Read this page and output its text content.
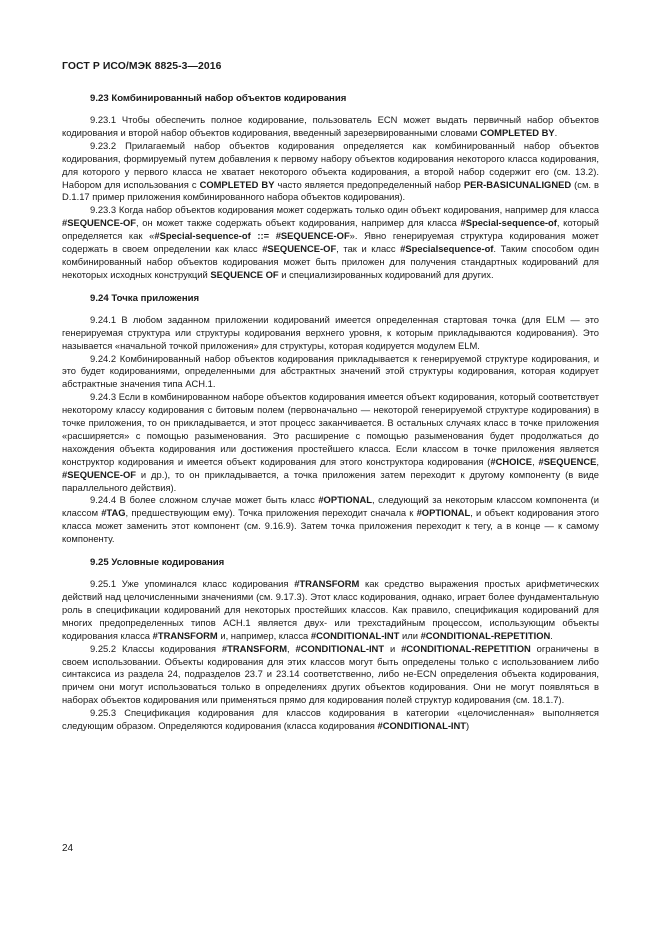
ГОСТ Р ИСО/МЭК 8825-3—2016
9.23 Комбинированный набор объектов кодирования

9.23.1 Чтобы обеспечить полное кодирование, пользователь ECN может выдать первичный набор объектов кодирования и второй набор объектов кодирования, введенный зарезервированными словами COMPLETED BY.

9.23.2 Прилагаемый набор объектов кодирования определяется как комбинированный набор объектов кодирования, формируемый путем добавления к первому набору объектов кодирования некоторого класса кодирования, для которого у первого класса не хватает некоторого объекта кодирования, а второй набор содержит его (см. 13.2). Набором для использования с COMPLETED BY часто является предопределенный набор PER-BASICUNALIGNED (см. в D.1.17 пример приложения комбинированного набора объектов кодирования).

9.23.3 Когда набор объектов кодирования может содержать только один объект кодирования, например для класса #SEQUENCE-OF, он может также содержать объект кодирования, например для класса #Special-sequence-of, который определяется как «#Special-sequence-of ::= #SEQUENCE-OF». Явно генерируемая структура кодирования может содержать в своем определении как класс #SEQUENCE-OF, так и класс #Specialsequence-of. Таким способом один комбинированный набор объектов кодирования может быть приложен для получения стандартных кодирований для некоторых исходных конструкций SEQUENCE OF и специализированных кодирований для других.

9.24 Точка приложения

9.24.1 В любом заданном приложении кодирований имеется определенная стартовая точка (для ELM — это генерируемая структура или структуры кодирования верхнего уровня, к которым прикладываются кодирования). Это называется «начальной точкой приложения» для структуры, которая кодируется модулем ELM.

9.24.2 Комбинированный набор объектов кодирования прикладывается к генерируемой структуре кодирования, и это будет кодированиями, определенными для абстрактных значений этой структуры кодирования, которая кодирует абстрактные значения типа ACH.1.

9.24.3 Если в комбинированном наборе объектов кодирования имеется объект кодирования, который соответствует некоторому классу кодирования с битовым полем (первоначально — некоторой генерируемой структуре кодирования) в точке приложения, то он прикладывается, и этот процесс заканчивается. В остальных случаях класс в точке приложения «расширяется» с помощью разыменования. Это расширение с помощью разыменования будет продолжаться до нахождения объекта кодирования или достижения простейшего класса. Если классом в точке приложения является конструктор кодирования и имеется объект кодирования для этого конструктора кодирования (#CHOICE, #SEQUENCE, #SEQUENCE-OF и др.), то он прикладывается, а точка приложения затем переходит к другому компоненту (в виде параллельного действия).

9.24.4 В более сложном случае может быть класс #OPTIONAL, следующий за некоторым классом компонента (и классом #TAG, предшествующим ему). Точка приложения переходит сначала к #OPTIONAL, и объект кодирования этого класса может заменить этот компонент (см. 9.16.9). Затем точка приложения переходит к тегу, а в конце — к самому компоненту.

9.25 Условные кодирования

9.25.1 Уже упоминался класс кодирования #TRANSFORM как средство выражения простых арифметических действий над целочисленными значениями (см. 9.17.3). Этот класс кодирования, однако, играет более фундаментальную роль в спецификации кодирований для некоторых простейших классов. Как правило, спецификация кодирований для многих предопределенных типов ACH.1 является двух- или трехстадийным процессом, использующим объекты кодирования класса #TRANSFORM и, например, класса #CONDITIONAL-INT или #CONDITIONAL-REPETITION.

9.25.2 Классы кодирования #TRANSFORM, #CONDITIONAL-INT и #CONDITIONAL-REPETITION ограничены в своем использовании. Объекты кодирования для этих классов могут быть определены только с использованием либо синтаксиса из раздела 24, подразделов 23.7 и 23.14 соответственно, либо не-ECN определения объекта кодирования, причем они могут использоваться только в определениях других объектов кодирования. Они не могут появляться в наборах объектов кодирования или применяться прямо для кодирования полей структур кодирования (см. 18.1.7).

9.25.3 Спецификация кодирования для классов кодирования в категории «целочисленная» выполняется следующим образом. Определяются кодирования (класса кодирования #CONDITIONAL-INT)

24
